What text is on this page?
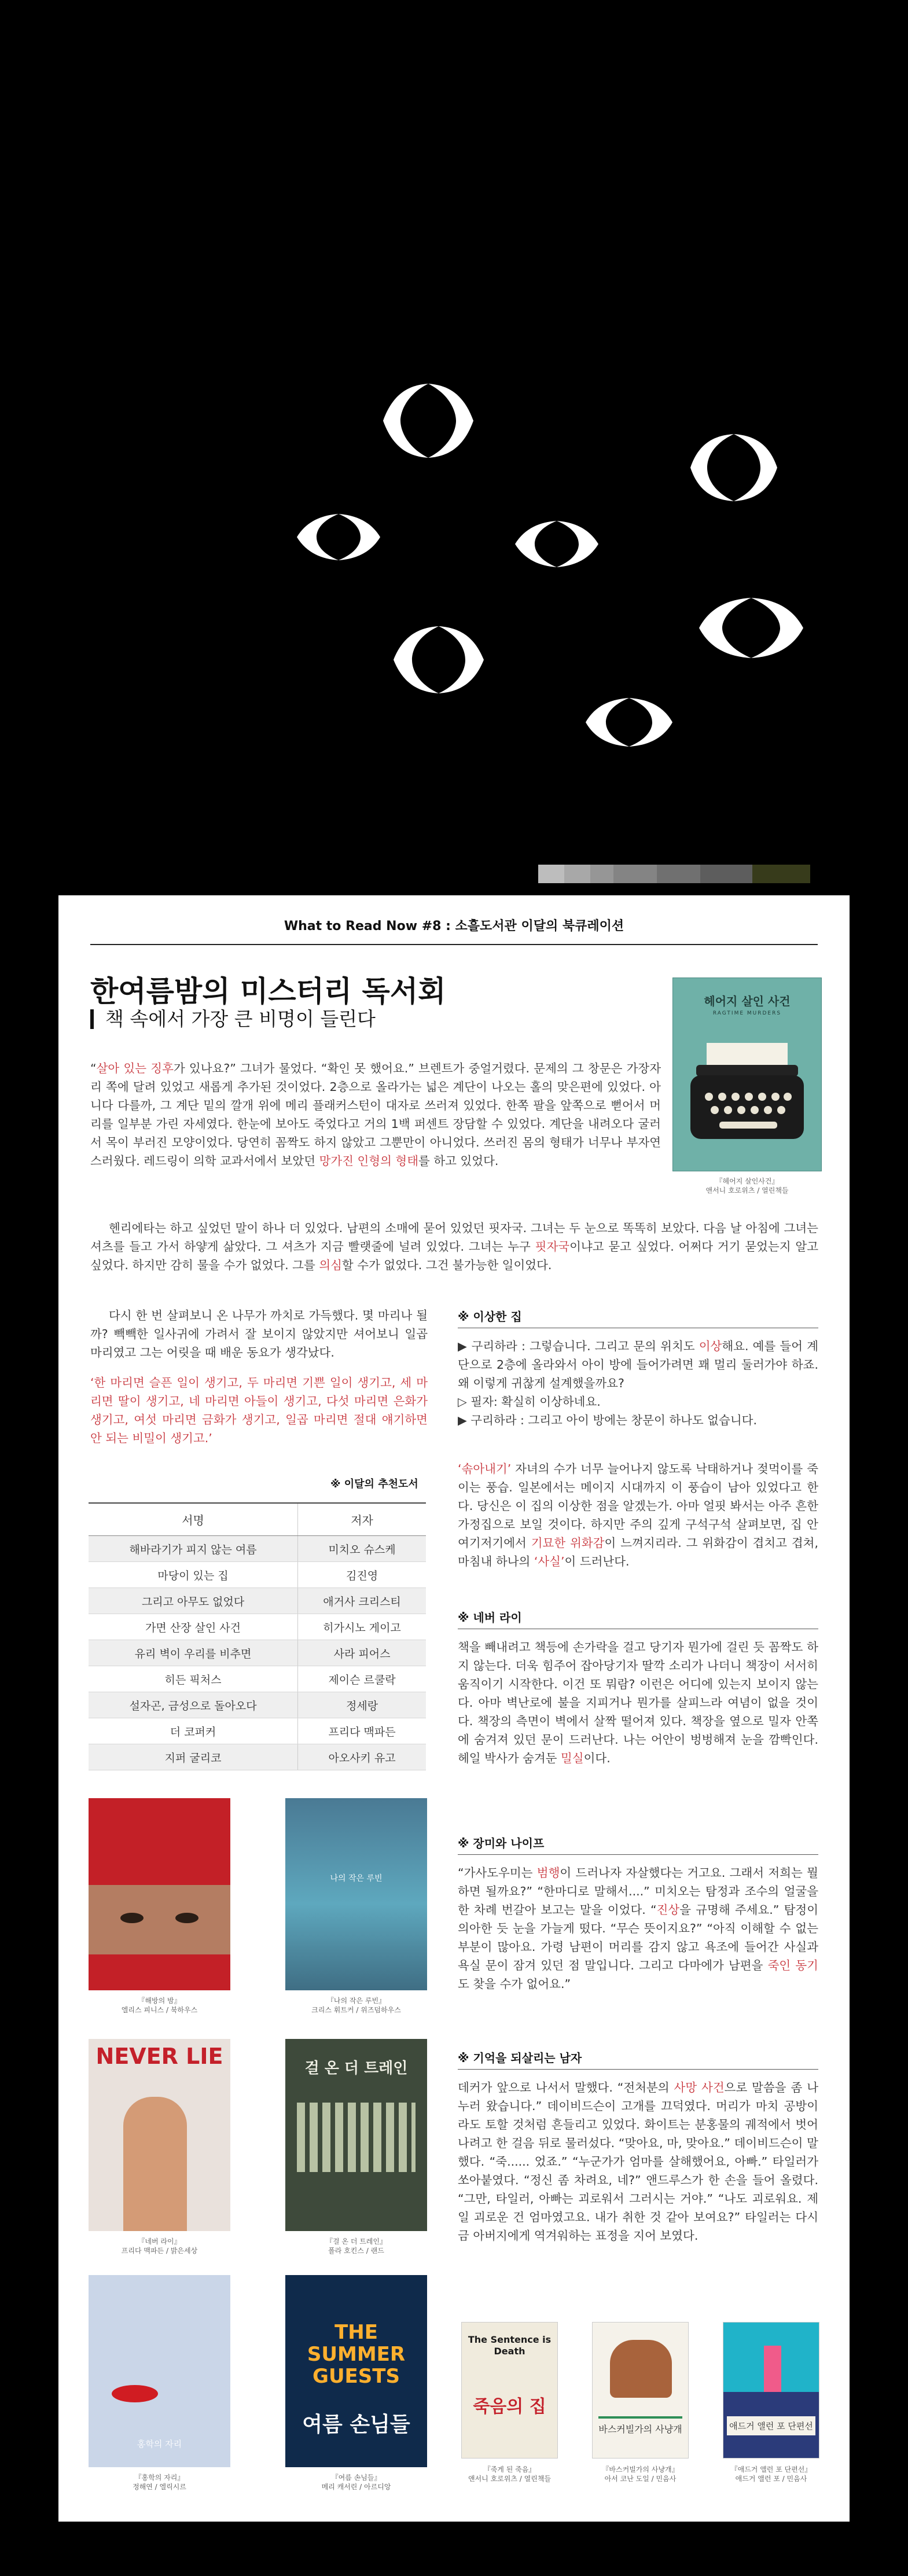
What to Read Now #8 : 소흘도서관 이달의 북큐레이션
한여름밤의 미스터리 독서회
책 속에서 가장 큰 비명이 들린다
헤어지 살인 사건
RAGTIME MURDERS
『헤어지 살인사건』
앤서니 호로위츠 / 열린책들
“살아 있는 징후가 있나요?” 그녀가 물었다. “확인 못 했어요.” 브렌트가 중얼거렸다. 문제의 그 창문은 가장자리 쪽에 달려 있었고 새롭게 추가된 것이었다. 2층으로 올라가는 넓은 계단이 나오는 홀의 맞은편에 있었다. 아니다 다를까, 그 계단 밑의 깔개 위에 메리 플래커스턴이 대자로 쓰러져 있었다. 한쪽 팔을 앞쪽으로 뻗어서 머리를 일부분 가린 자세였다. 한눈에 보아도 죽었다고 거의 1백 퍼센트 장담할 수 있었다. 계단을 내려오다 굴러서 목이 부러진 모양이었다. 당연히 꼼짝도 하지 않았고 그뿐만이 아니었다. 쓰러진 몸의 형태가 너무나 부자연스러웠다. 레드링이 의학 교과서에서 보았던 망가진 인형의 형태를 하고 있었다.
헨리에타는 하고 싶었던 말이 하나 더 있었다. 남편의 소매에 묻어 있었던 핏자국. 그녀는 두 눈으로 똑똑히 보았다. 다음 날 아침에 그녀는 셔츠를 들고 가서 하얗게 삶았다. 그 셔츠가 지금 빨랫줄에 널려 있었다. 그녀는 누구 핏자국이냐고 묻고 싶었다. 어쩌다 거기 묻었는지 알고 싶었다. 하지만 감히 물을 수가 없었다. 그를 의심할 수가 없었다. 그건 불가능한 일이었다.
다시 한 번 살펴보니 온 나무가 까치로 가득했다. 몇 마리나 될까? 빽빽한 일사귀에 가려서 잘 보이지 않았지만 셔어보니 일곱 마리였고 그는 어릿을 때 배운 동요가 생각났다.
‘한 마리면 슬픈 일이 생기고, 두 마리면 기쁜 일이 생기고, 세 마리면 딸이 생기고, 네 마리면 아들이 생기고, 다섯 마리면 은화가 생기고, 여섯 마리면 금화가 생기고, 일곱 마리면 절대 얘기하면 안 되는 비밀이 생기고.’
※ 이달의 추천도서
서명	저자
해바라기가 피지 않는 여름	미치오 슈스케
마당이 있는 집	김진영
그리고 아무도 없었다	애거사 크리스티
가면 산장 살인 사건	히가시노 게이고
유리 벽이 우리를 비추면	사라 피어스
히든 픽처스	제이슨 르쿨락
설자곤, 금성으로 돌아오다	정세랑
더 코퍼커	프리다 맥파든
지퍼 굴리코	아오사키 유고
『해방의 밤』
엘리스 피니스 / 북하우스
나의 작은 루빈
『나의 작은 루빈』
크리스 휘트커 / 위즈덤하우스
NEVER LIE
『네버 라이』
프리다 맥파든 / 밝은세상
걸 온 더 트레인
『걸 온 더 트레인』
폴라 호킨스 / 랜드
홍학의 자리
『홍학의 자리』
정해연 / 엘릭시르
THE SUMMER GUESTS
여름 손님들
『여름 손님들』
메리 캐서린 / 아르디앙
※ 이상한 집
▶ 구리하라 : 그렇습니다. 그리고 문의 위치도 이상해요. 예를 들어 계단으로 2층에 올라와서 아이 방에 들어가려면 꽤 멀리 둘러가야 하죠. 왜 이렇게 귀찮게 설계했을까요?
▷ 필자: 확실히 이상하네요.
▶ 구리하라 : 그리고 아이 방에는 창문이 하나도 없습니다.
‘솎아내기’ 자녀의 수가 너무 늘어나지 않도록 낙태하거나 젖먹이를 죽이는 풍습. 일본에서는 메이지 시대까지 이 풍습이 남아 있었다고 한다. 당신은 이 집의 이상한 점을 알겠는가. 아마 얼핏 봐서는 아주 흔한 가정집으로 보일 것이다. 하지만 주의 깊게 구석구석 살펴보면, 집 안 여기저기에서 기묘한 위화감이 느껴지리라. 그 위화감이 겹치고 겹쳐, 마침내 하나의 ‘사실’이 드러난다.
※ 네버 라이
책을 빼내려고 책등에 손가락을 걸고 당기자 뭔가에 걸린 듯 꼼짝도 하지 않는다. 더욱 힘주어 잡아당기자 딸깍 소리가 나더니 책장이 서서히 움직이기 시작한다. 이건 또 뭐람? 이런은 어디에 있는지 보이지 않는다. 아마 벽난로에 불을 지피거나 뭔가를 살피느라 여념이 없을 것이다. 책장의 측면이 벽에서 살짝 떨어져 있다. 책장을 옆으로 밀자 안쪽에 숨겨져 있던 문이 드러난다. 나는 어안이 벙벙해져 눈을 깜빡인다. 헤일 박사가 숨겨둔 밀실이다.
※ 장미와 나이프
“가사도우미는 범행이 드러나자 자살했다는 거고요. 그래서 저희는 뭘 하면 될까요?” “한마디로 말해서....” 미치오는 탐정과 조수의 얼굴을 한 차례 번갈아 보고는 말을 이었다. “진상을 규명해 주세요.” 탐정이 의아한 듯 눈을 가늘게 떴다. “무슨 뜻이지요?” “아직 이해할 수 없는 부분이 많아요. 가령 남편이 머리를 감지 않고 욕조에 들어간 사실과 욕실 문이 잠겨 있던 점 말입니다. 그리고 다마에가 남편을 죽인 동기도 찾을 수가 없어요.”
※ 기억을 되살리는 남자
데커가 앞으로 나서서 말했다. “전처분의 사망 사건으로 말씀을 좀 나누러 왔습니다.” 데이비드슨이 고개를 끄덕였다. 머리가 마치 공방이라도 토할 것처럼 흔들리고 있었다. 화이트는 분홍물의 궤적에서 벗어나려고 한 걸음 뒤로 물러섰다. “맞아요, 마, 맞아요.” 데이비드슨이 말했다. “죽...... 었죠.” “누군가가 엄마를 살해했어요, 아빠.” 타일러가 쏘아붙였다. “정신 좀 차려요, 네?” 앤드루스가 한 손을 들어 올렸다. “그만, 타일러, 아빠는 괴로워서 그러시는 거야.” “나도 괴로워요. 제일 괴로운 건 엄마였고요. 내가 취한 것 같아 보여요?” 타일러는 다시금 아버지에게 역겨워하는 표정을 지어 보였다.
The Sentence is Death
죽음의 집
『죽게 된 죽음』
앤서니 호로위츠 / 열린책들
바스커빌가의 사냥개
『바스커빌가의 사냥개』
아서 코난 도일 / 민음사
애드거 앨런 포 단편선
『애드거 앨런 포 단편선』
애드거 앨런 포 / 민음사
